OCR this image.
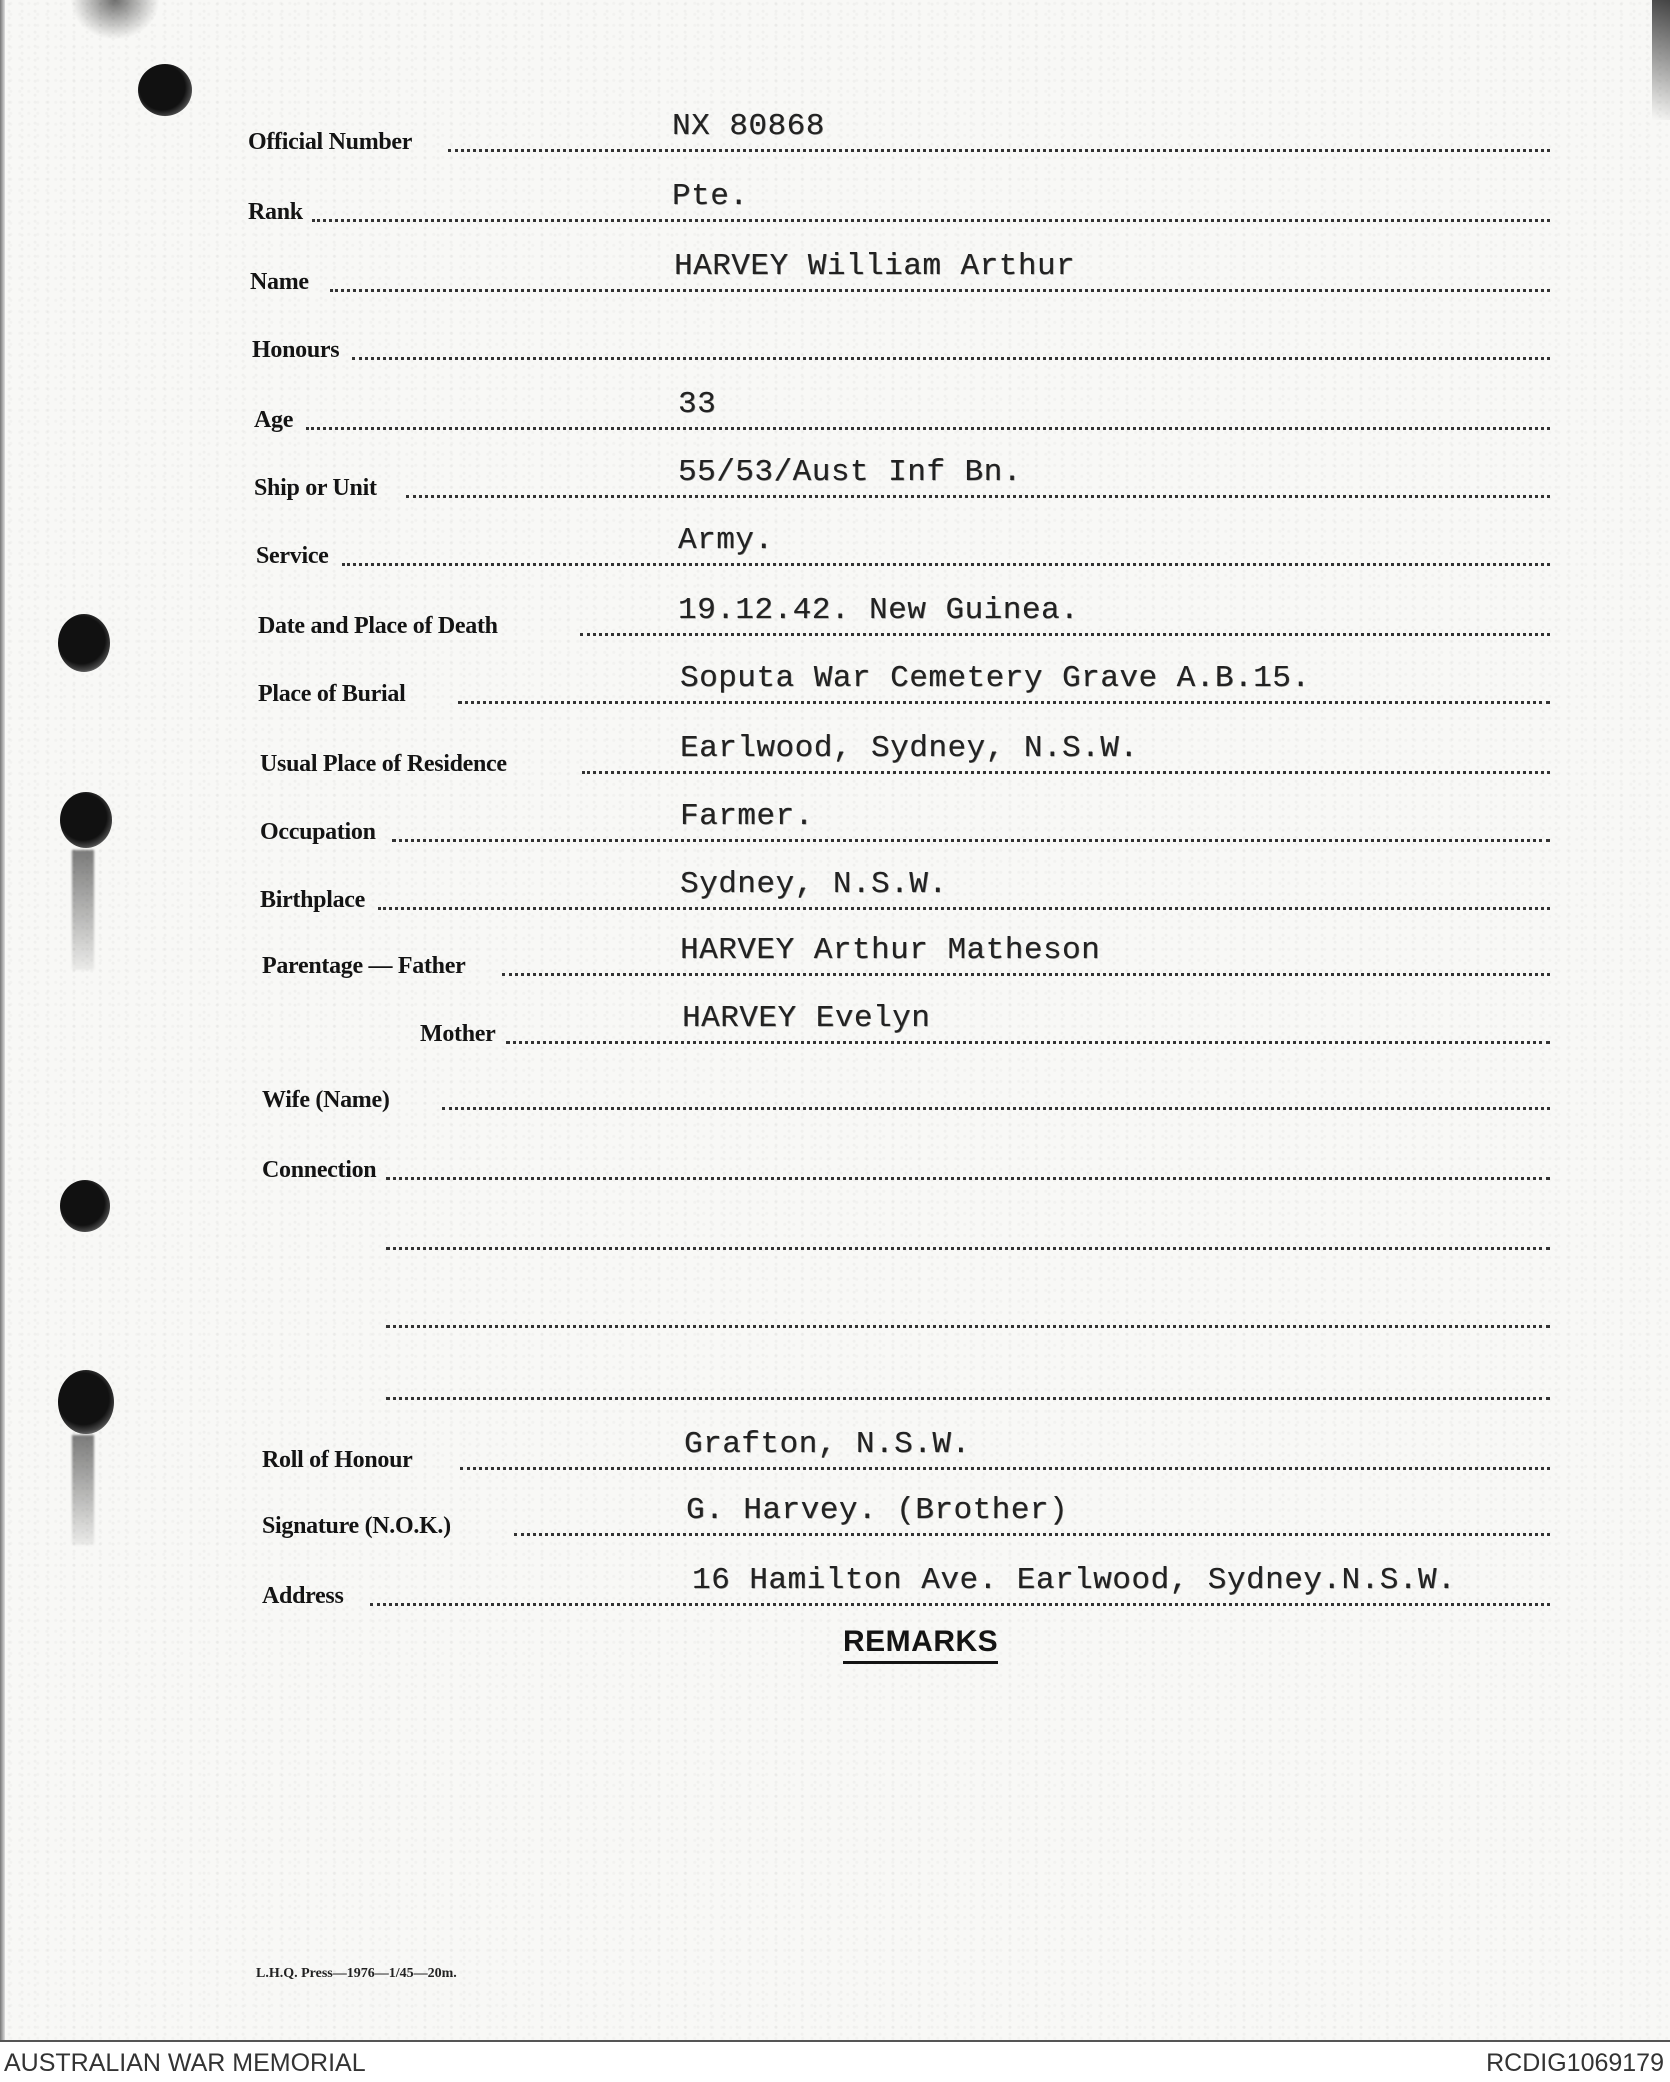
Official Number	NX 80868
Rank	Pte.
Name	HARVEY William Arthur
Honours
Age	33
Ship or Unit	55/53/Aust Inf Bn.
Service	Army.
Date and Place of Death	19.12.42. New Guinea.
Place of Burial	Soputa War Cemetery Grave A.B.15.
Usual Place of Residence	Earlwood, Sydney, N.S.W.
Occupation	Farmer.
Birthplace	Sydney, N.S.W.
Parentage — Father	HARVEY Arthur Matheson
Mother	HARVEY Evelyn
Wife (Name)
Connection
Roll of Honour	Grafton, N.S.W.
Signature (N.O.K.)	G. Harvey. (Brother)
Address	16 Hamilton Ave. Earlwood, Sydney.N.S.W.
REMARKS
L.H.Q. Press—1976—1/45—20m.
AUSTRALIAN WAR MEMORIAL	RCDIG1069179
